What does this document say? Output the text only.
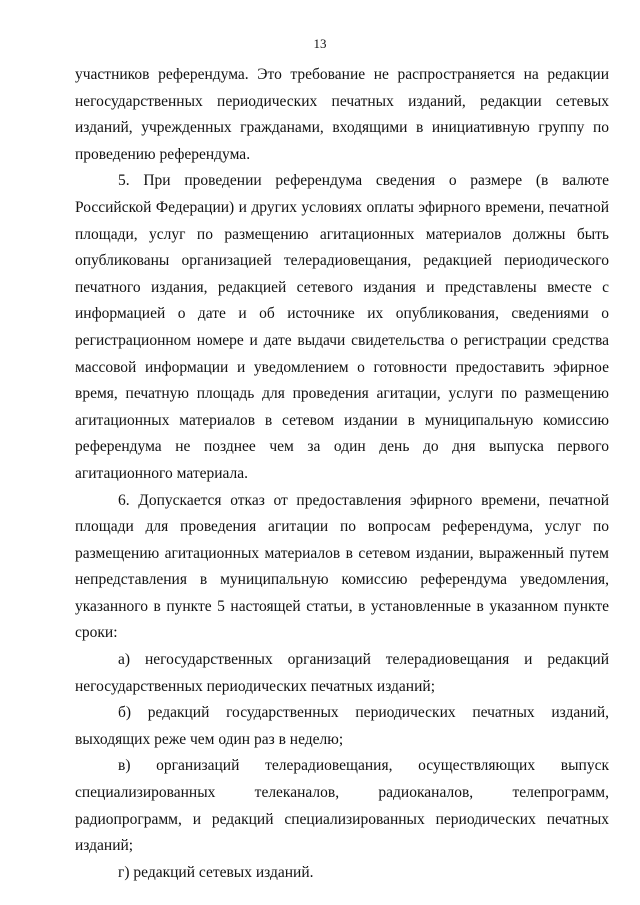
13

участников референдума. Это требование не распространяется на редакции негосударственных периодических печатных изданий, редакции сетевых изданий, учрежденных гражданами, входящими в инициативную группу по проведению референдума.

5. При проведении референдума сведения о размере (в валюте Российской Федерации) и других условиях оплаты эфирного времени, печатной площади, услуг по размещению агитационных материалов должны быть опубликованы организацией телерадиовещания, редакцией периодического печатного издания, редакцией сетевого издания и представлены вместе с информацией о дате и об источнике их опубликования, сведениями о регистрационном номере и дате выдачи свидетельства о регистрации средства массовой информации и уведомлением о готовности предоставить эфирное время, печатную площадь для проведения агитации, услуги по размещению агитационных материалов в сетевом издании в муниципальную комиссию референдума не позднее чем за один день до дня выпуска первого агитационного материала.

6. Допускается отказ от предоставления эфирного времени, печатной площади для проведения агитации по вопросам референдума, услуг по размещению агитационных материалов в сетевом издании, выраженный путем непредставления в муниципальную комиссию референдума уведомления, указанного в пункте 5 настоящей статьи, в установленные в указанном пункте сроки:

а) негосударственных организаций телерадиовещания и редакций негосударственных периодических печатных изданий;

б) редакций государственных периодических печатных изданий, выходящих реже чем один раз в неделю;

в) организаций телерадиовещания, осуществляющих выпуск специализированных телеканалов, радиоканалов, телепрограмм, радиопрограмм, и редакций специализированных периодических печатных изданий;

г) редакций сетевых изданий.
